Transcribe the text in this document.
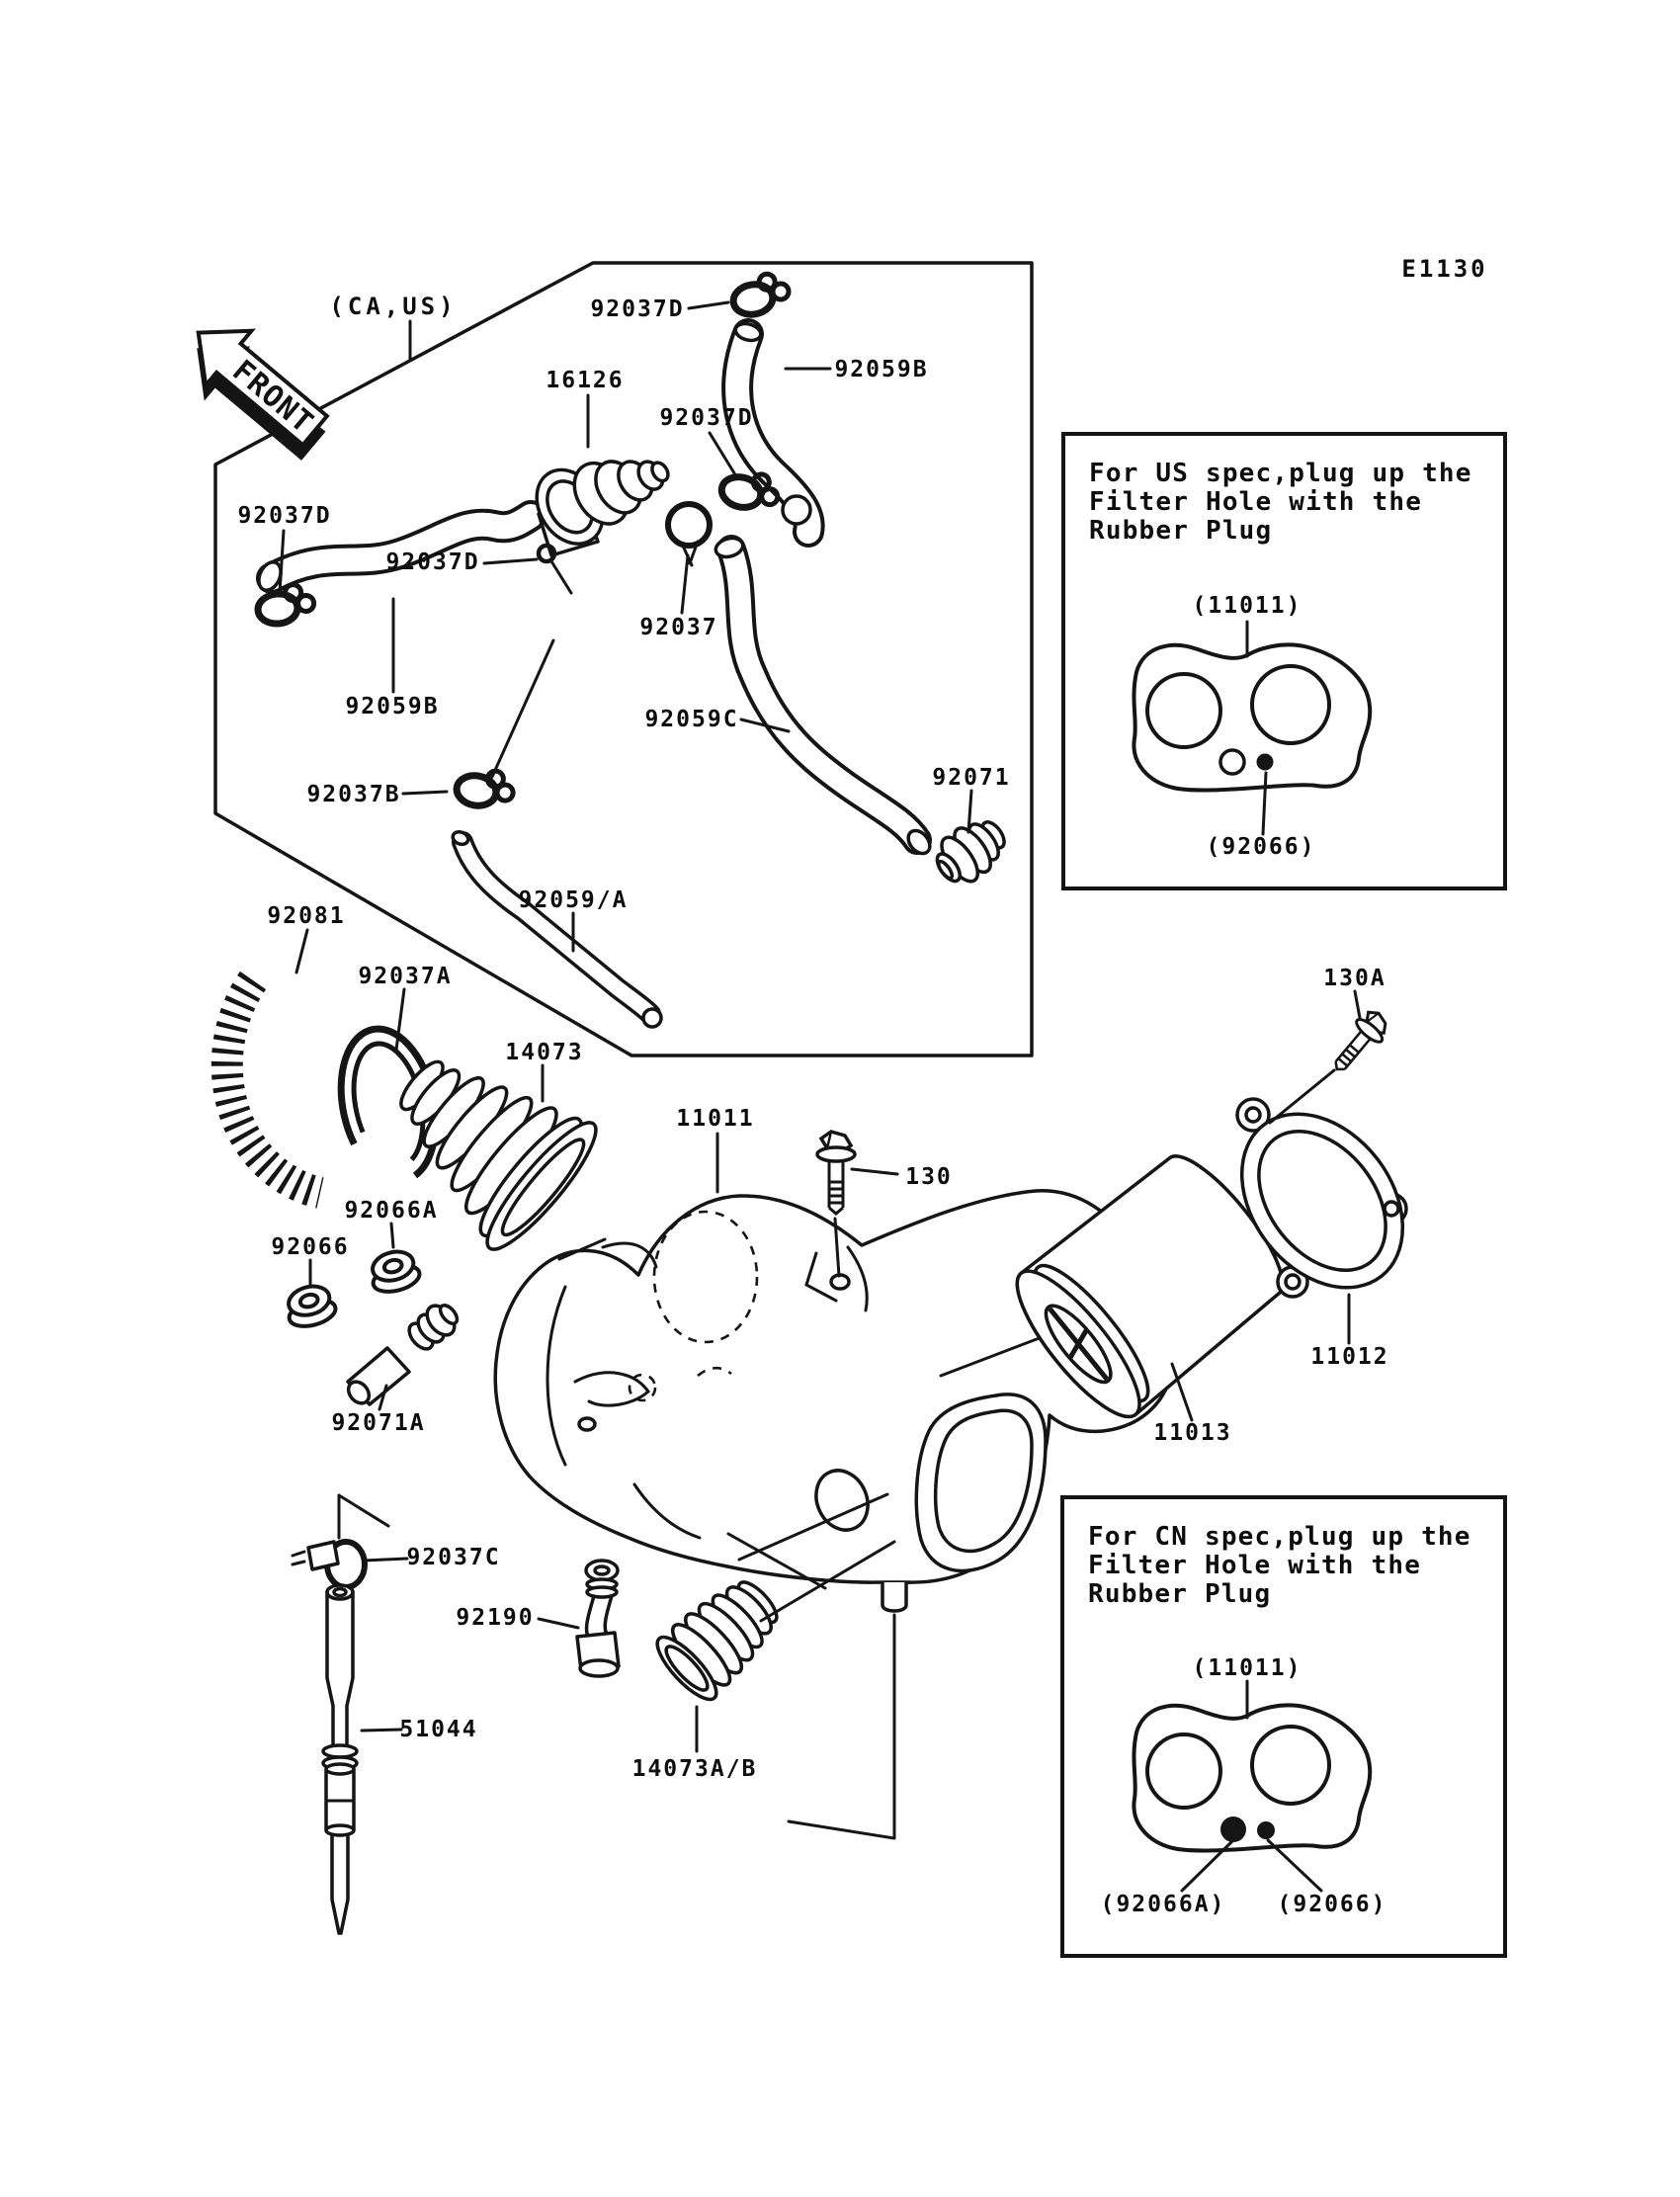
FRONT
E1130
(CA,US)	92037D
16126
92037D
92059B
92037D
92037D
92037
92059B	92059C
92071
92037B
92059/A
92081
92037A
14073
11011
130
92066A
92066
130A
11012
11013
92071A
92037C
92190
51044
14073A/B
(11011)
(92066)
(11011)
(92066A) (92066)
For US spec,plug up the
Filter Hole with the
Rubber Plug
For CN spec,plug up the
Filter Hole with the
Rubber Plug
